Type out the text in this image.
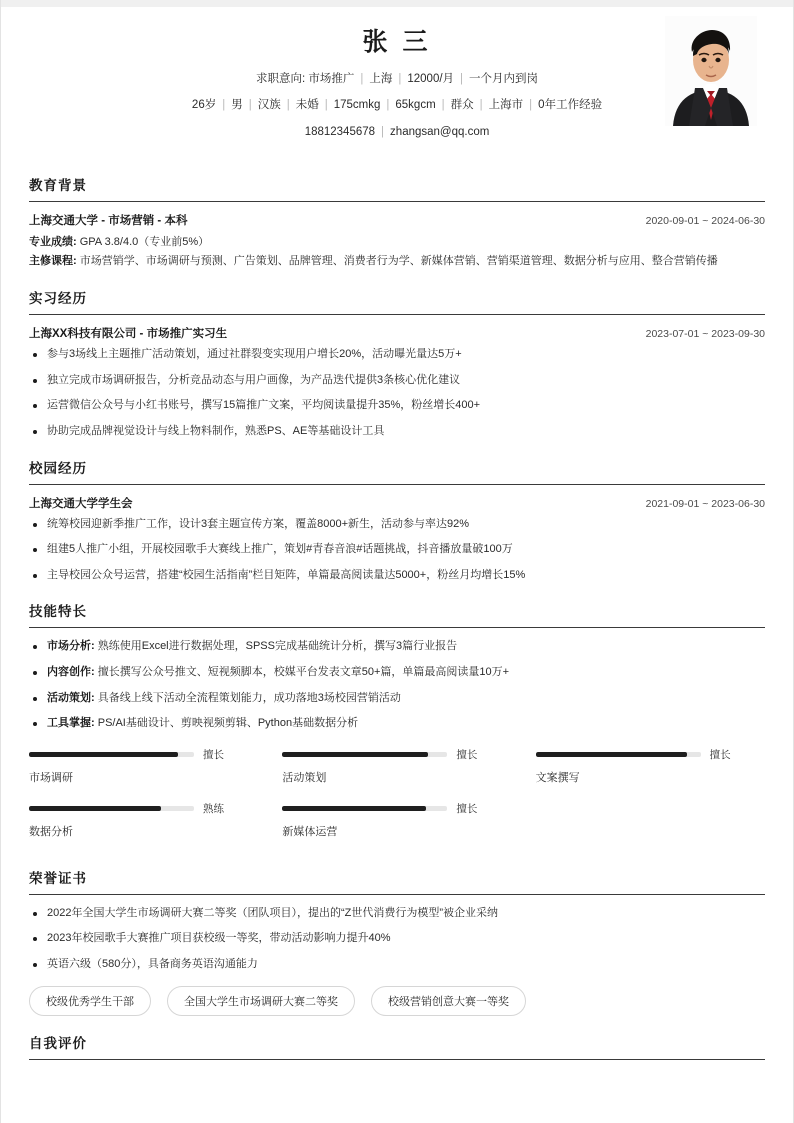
张 三
求职意向: 市场推广 | 上海 | 12000/月 | 一个月内到岗
26岁 | 男 | 汉族 | 未婚 | 175cmkg | 65kgcm | 群众 | 上海市 | 0年工作经验
18812345678 | zhangsan@qq.com
教育背景
上海交通大学 - 市场营销 - 本科	2020-09-01 ~ 2024-06-30
专业成绩: GPA 3.8/4.0（专业前5%）
主修课程: 市场营销学、市场调研与预测、广告策划、品牌管理、消费者行为学、新媒体营销、营销渠道管理、数据分析与应用、整合营销传播
实习经历
上海XX科技有限公司 - 市场推广实习生	2023-07-01 ~ 2023-09-30
参与3场线上主题推广活动策划，通过社群裂变实现用户增长20%，活动曝光量达5万+
独立完成市场调研报告，分析竞品动态与用户画像，为产品迭代提供3条核心优化建议
运营微信公众号与小红书账号，撰写15篇推广文案，平均阅读量提升35%，粉丝增长400+
协助完成品牌视觉设计与线上物料制作，熟悉PS、AE等基础设计工具
校园经历
上海交通大学学生会	2021-09-01 ~ 2023-06-30
统筹校园迎新季推广工作，设计3套主题宣传方案，覆盖8000+新生，活动参与率达92%
组建5人推广小组，开展校园歌手大赛线上推广，策划#青春音浪#话题挑战，抖音播放量破100万
主导校园公众号运营，搭建“校园生活指南”栏目矩阵，单篇最高阅读量达5000+，粉丝月均增长15%
技能特长
市场分析: 熟练使用Excel进行数据处理，SPSS完成基础统计分析，撰写3篇行业报告
内容创作: 擅长撰写公众号推文、短视频脚本，校媒平台发表文章50+篇，单篇最高阅读量10万+
活动策划: 具备线上线下活动全流程策划能力，成功落地3场校园营销活动
工具掌握: PS/AI基础设计、剪映视频剪辑、Python基础数据分析
擅长
市场调研
擅长
活动策划
擅长
文案撰写
熟练
数据分析
擅长
新媒体运营
荣誉证书
2022年全国大学生市场调研大赛二等奖（团队项目），提出的“Z世代消费行为模型”被企业采纳
2023年校园歌手大赛推广项目获校级一等奖，带动活动影响力提升40%
英语六级（580分），具备商务英语沟通能力
校级优秀学生干部	全国大学生市场调研大赛二等奖	校级营销创意大赛一等奖
自我评价
